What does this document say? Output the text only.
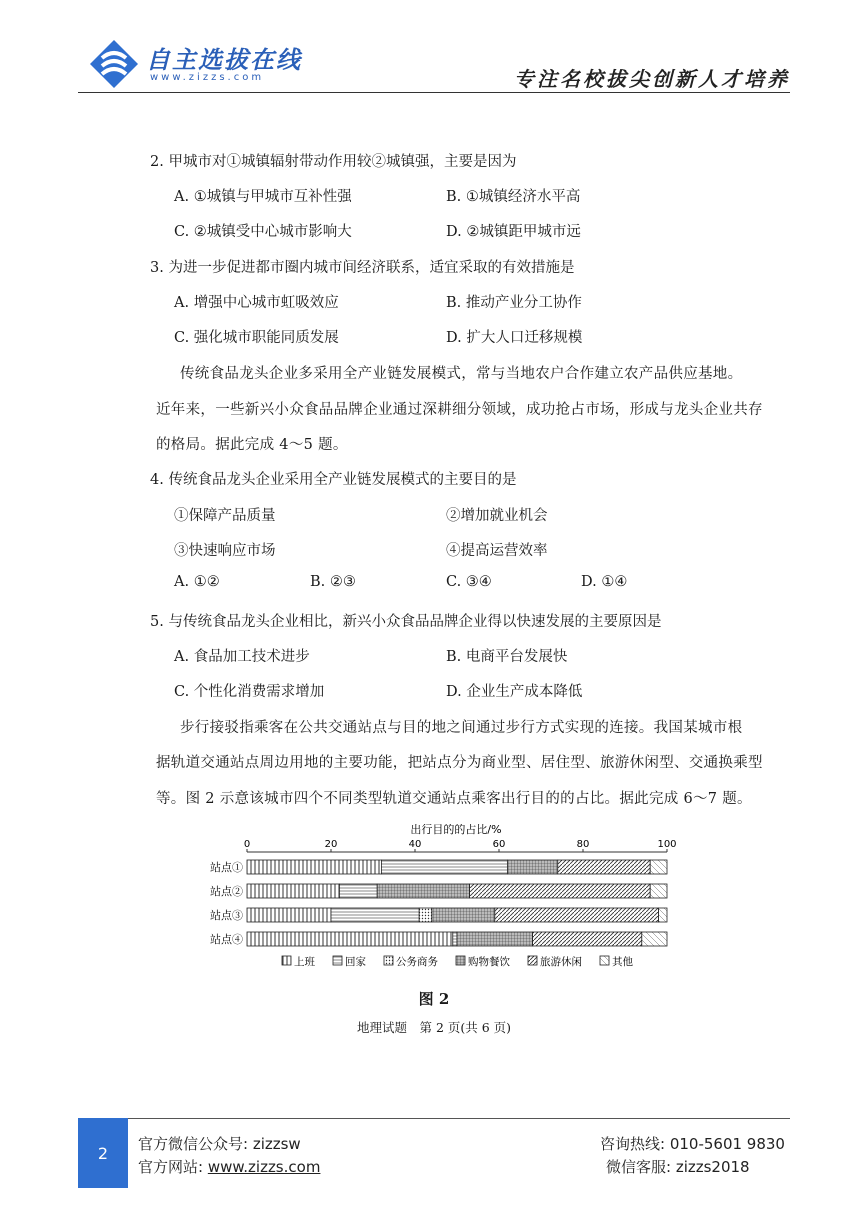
自主选拔在线
www.zizzs.com	专注名校拔尖创新人才培养
2. 甲城市对①城镇辐射带动作用较②城镇强，主要是因为
A. ①城镇与甲城市互补性强	B. ①城镇经济水平高
C. ②城镇受中心城市影响大	D. ②城镇距甲城市远
3. 为进一步促进都市圈内城市间经济联系，适宜采取的有效措施是
A. 增强中心城市虹吸效应	B. 推动产业分工协作
C. 强化城市职能同质发展	D. 扩大人口迁移规模
传统食品龙头企业多采用全产业链发展模式，常与当地农户合作建立农产品供应基地。
近年来，一些新兴小众食品品牌企业通过深耕细分领域，成功抢占市场，形成与龙头企业共存
的格局。据此完成 4～5 题。
4. 传统食品龙头企业采用全产业链发展模式的主要目的是
①保障产品质量	②增加就业机会
③快速响应市场	④提高运营效率
A. ①②	B. ②③	C. ③④	D. ①④
5. 与传统食品龙头企业相比，新兴小众食品品牌企业得以快速发展的主要原因是
A. 食品加工技术进步	B. 电商平台发展快
C. 个性化消费需求增加	D. 企业生产成本降低
步行接驳指乘客在公共交通站点与目的地之间通过步行方式实现的连接。我国某城市根
据轨道交通站点周边用地的主要功能，把站点分为商业型、居住型、旅游休闲型、交通换乘型
等。图 2 示意该城市四个不同类型轨道交通站点乘客出行目的的占比。据此完成 6～7 题。
出行目的的占比/%
0	20	40	60	80	100
站点①
站点②
站点③
站点④
上班	回家	公务商务	购物餐饮	旅游休闲	其他
图 2
地理试题　第 2 页(共 6 页)
2	官方微信公众号: zizzsw
官方网站: www.zizzs.com
咨询热线: 010-5601 9830
微信客服: zizzs2018
